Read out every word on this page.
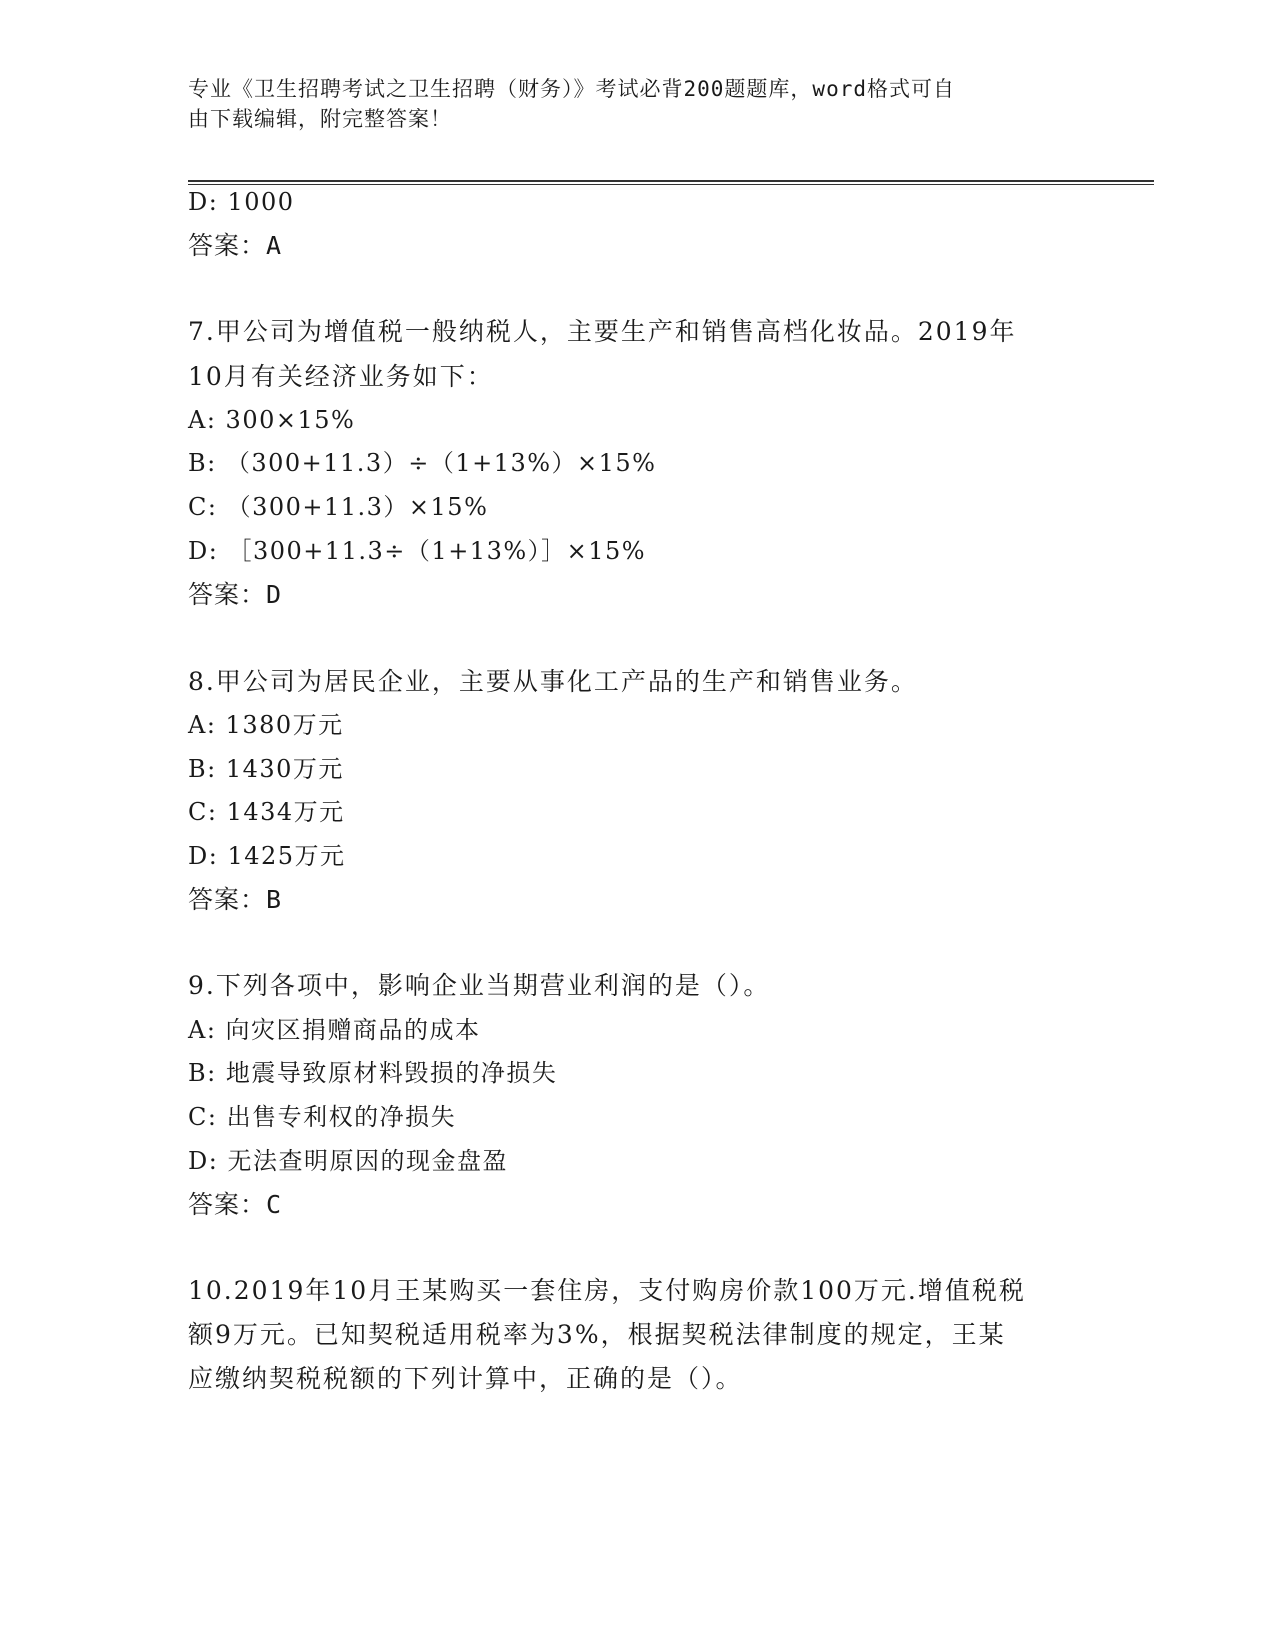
专业《卫生招聘考试之卫生招聘（财务）》考试必背200题题库，word格式可自
由下载编辑，附完整答案！
D: 1000
答案：A
7.甲公司为增值税一般纳税人，主要生产和销售高档化妆品。2019年
10月有关经济业务如下：
A: 300×15%
B: （300+11.3）÷（1+13%）×15%
C: （300+11.3）×15%
D: ［300+11.3÷（1+13%）］×15%
答案：D
8.甲公司为居民企业，主要从事化工产品的生产和销售业务。
A: 1380万元
B: 1430万元
C: 1434万元
D: 1425万元
答案：B
9.下列各项中，影响企业当期营业利润的是（）。
A: 向灾区捐赠商品的成本
B: 地震导致原材料毁损的净损失
C: 出售专利权的净损失
D: 无法查明原因的现金盘盈
答案：C
10.2019年10月王某购买一套住房，支付购房价款100万元.增值税税
额9万元。已知契税适用税率为3%，根据契税法律制度的规定，王某
应缴纳契税税额的下列计算中，正确的是（）。
